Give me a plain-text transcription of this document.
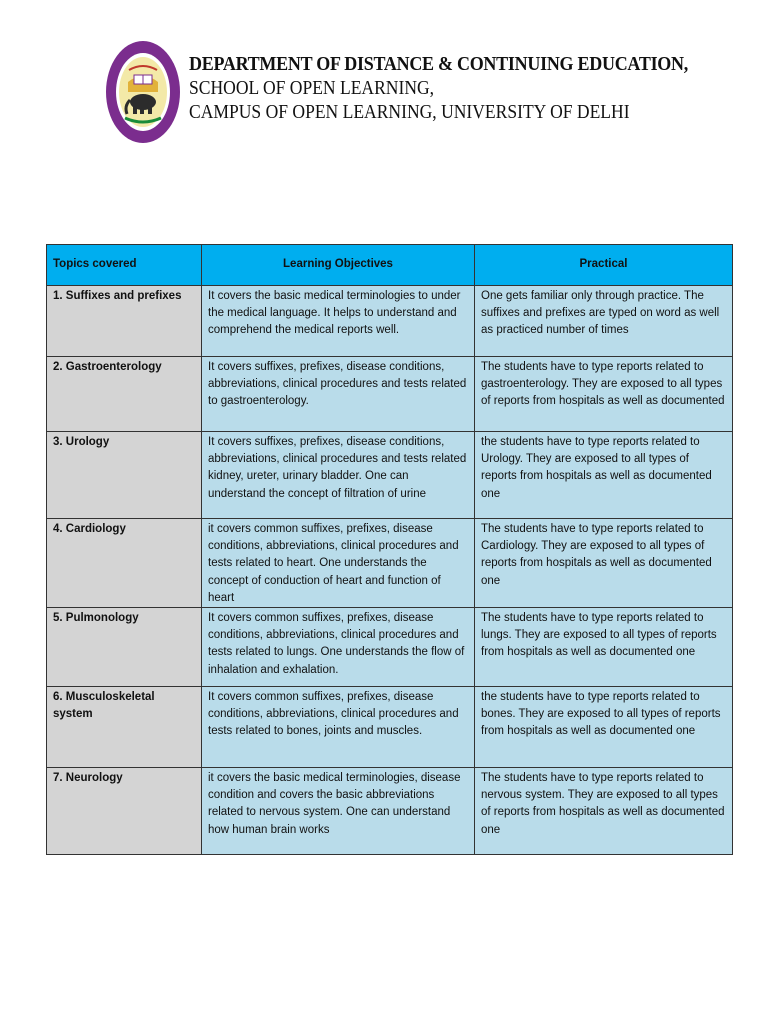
DEPARTMENT OF DISTANCE & CONTINUING EDUCATION,
SCHOOL OF OPEN LEARNING,
CAMPUS OF OPEN LEARNING, UNIVERSITY OF DELHI
Topics covered	Learning Objectives	Practical
1. Suffixes and prefixes	It covers the basic medical terminologies to under the medical language. It helps to understand and comprehend the medical reports well.	One gets familiar only through practice. The suffixes and prefixes are typed on word as well as practiced number of times
2. Gastroenterology	It covers suffixes, prefixes, disease conditions, abbreviations, clinical procedures and tests related to gastroenterology.	The students have to type reports related to gastroenterology. They are exposed to all types of reports from hospitals as well as documented
3. Urology	It covers suffixes, prefixes, disease conditions, abbreviations, clinical procedures and tests related kidney, ureter, urinary bladder. One can understand the concept of filtration of urine	the students have to type reports related to Urology. They are exposed to all types of reports from hospitals as well as documented one
4. Cardiology	it covers common suffixes, prefixes, disease conditions, abbreviations, clinical procedures and tests related to heart. One understands the concept of conduction of heart and function of heart	The students have to type reports related to Cardiology. They are exposed to all types of reports from hospitals as well as documented one
5. Pulmonology	It covers common suffixes, prefixes, disease conditions, abbreviations, clinical procedures and tests related to lungs. One understands the flow of inhalation and exhalation.	The students have to type reports related to lungs. They are exposed to all types of reports from hospitals as well as documented one
6. Musculoskeletal system	It covers common suffixes, prefixes, disease conditions, abbreviations, clinical procedures and tests related to bones, joints and muscles.	the students have to type reports related to bones. They are exposed to all types of reports from hospitals as well as documented one
7. Neurology	it covers the basic medical terminologies, disease condition and covers the basic abbreviations related to nervous system. One can understand how human brain works	The students have to type reports related to nervous system. They are exposed to all types of reports from hospitals as well as documented one
